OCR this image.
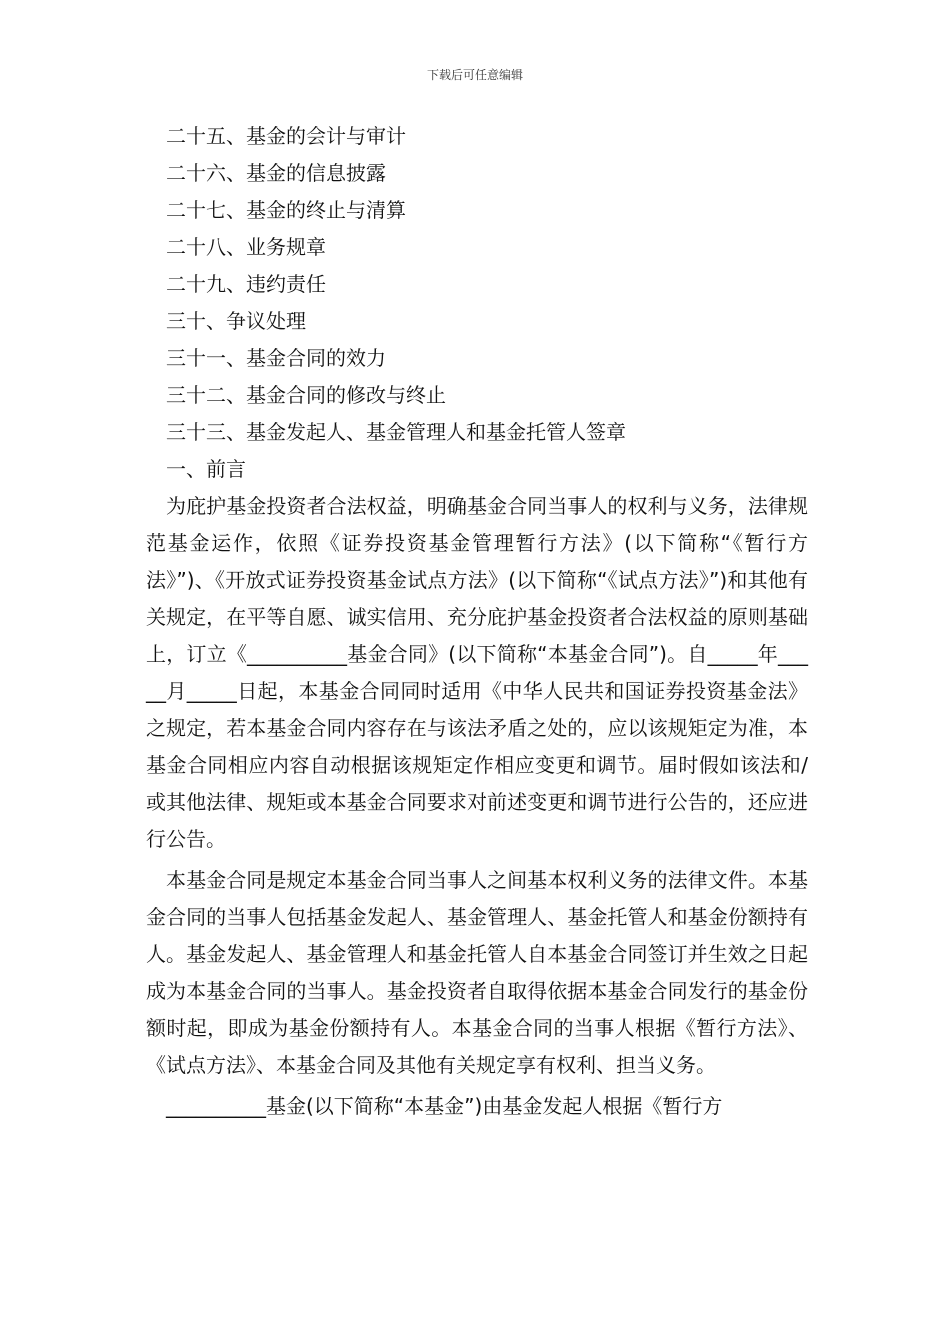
下载后可任意编辑

二十五、基金的会计与审计

二十六、基金的信息披露

二十七、基金的终止与清算

二十八、业务规章

二十九、违约责任

三十、争议处理

三十一、基金合同的效力

三十二、基金合同的修改与终止

三十三、基金发起人、基金管理人和基金托管人签章

一、前言

为庇护基金投资者合法权益，明确基金合同当事人的权利与义务，法律规范基金运作，依照《证券投资基金管理暂行方法》(以下简称“《暂行方法》”)、《开放式证券投资基金试点方法》(以下简称“《试点方法》”)和其他有关规定，在平等自愿、诚实信用、充分庇护基金投资者合法权益的原则基础上，订立《__________基金合同》(以下简称“本基金合同”)。自_____年_____月_____日起，本基金合同同时适用《中华人民共和国证券投资基金法》之规定，若本基金合同内容存在与该法矛盾之处的，应以该规矩定为准，本基金合同相应内容自动根据该规矩定作相应变更和调节。届时假如该法和/或其他法律、规矩或本基金合同要求对前述变更和调节进行公告的，还应进行公告。

本基金合同是规定本基金合同当事人之间基本权利义务的法律文件。本基金合同的当事人包括基金发起人、基金管理人、基金托管人和基金份额持有人。基金发起人、基金管理人和基金托管人自本基金合同签订并生效之日起成为本基金合同的当事人。基金投资者自取得依据本基金合同发行的基金份额时起，即成为基金份额持有人。本基金合同的当事人根据《暂行方法》、《试点方法》、本基金合同及其他有关规定享有权利、担当义务。

__________基金(以下简称“本基金”)由基金发起人根据《暂行方
